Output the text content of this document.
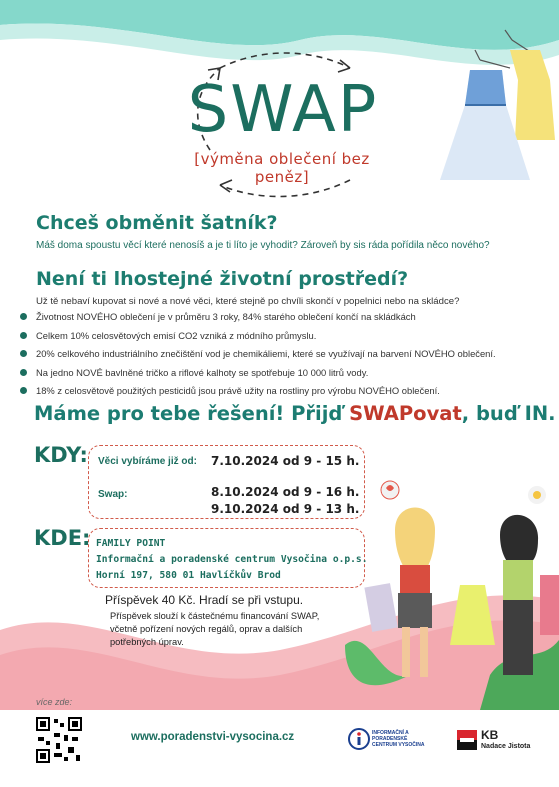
SWAP
[výměna oblečení bez peněz]
Chceš obměnit šatník?
Máš doma spoustu věcí které nenosíš a je ti líto je vyhodit? Zároveň by sis ráda pořídila něco nového?
Není ti lhostejné životní prostředí?
Už tě nebaví kupovat si nové a nové věci, které stejně po chvíli skončí v popelnici nebo na skládce?
Životnost NOVÉHO oblečení je v průměru 3 roky, 84% starého oblečení končí na skládkách
Celkem 10% celosvětových emisí CO2 vzniká z módního průmyslu.
20% celkového industriálního znečištění vod je chemikáliemi, které se využívají na barvení NOVÉHO oblečení.
Na jedno NOVÉ bavlněné tričko a riflové kalhoty se spotřebuje 10 000 litrů vody.
18% z celosvětově použitých pesticidů jsou právě užity na rostliny pro výrobu NOVÉHO oblečení.
Máme pro tebe řešení! Přijď SWAPovat, buď IN.
KDY: Věci vybíráme již od: 7.10.2024 od 9 - 15 h.
Swap:	8.10.2024 od 9 - 16 h.
9.10.2024 od 9 - 13 h.
KDE: FAMILY POINT
Informační a poradenské centrum Vysočina o.p.s.
Horní 197, 580 01 Havlíčkův Brod
Příspěvek 40 Kč. Hradí se při vstupu.
Příspěvek slouží k částečnému financování SWAP, včetně pořízení nových regálů, oprav a dalších potřebných úprav.
více zde:
www.poradenstvi-vysocina.cz	INFORMAČNÍ A PORADENSKÉ CENTRUM VYSOČINA
KB
Nadace Jistota
